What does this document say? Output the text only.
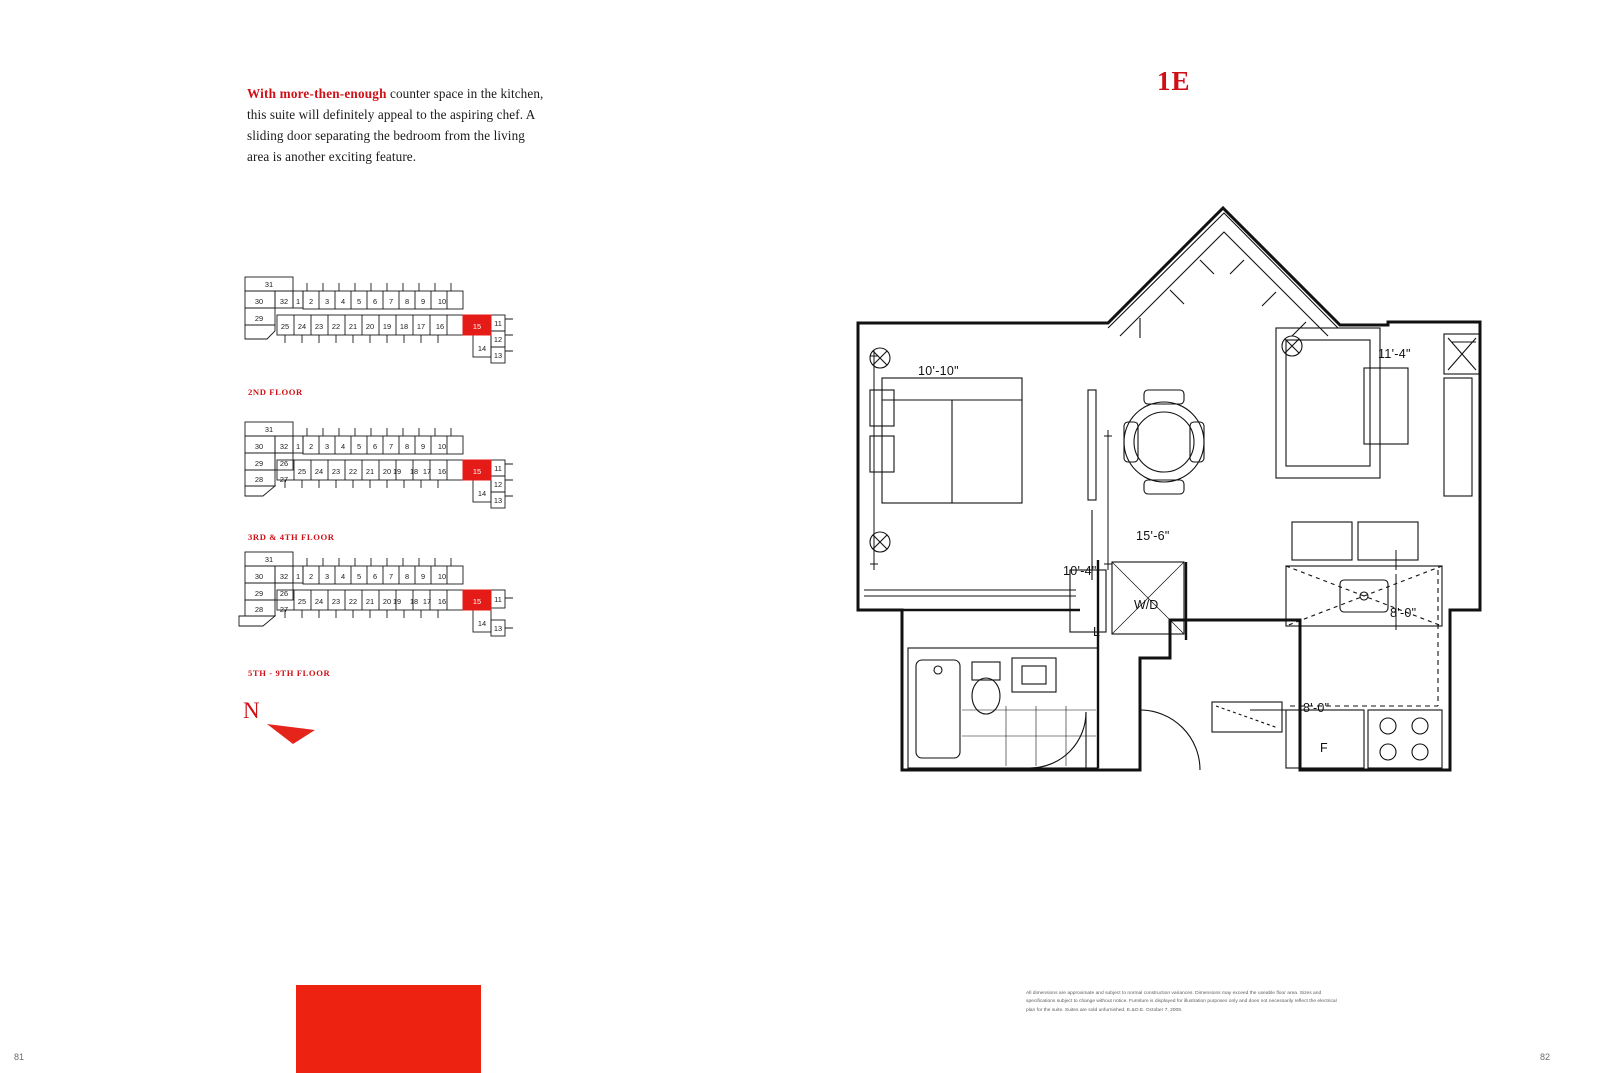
With more-then-enough counter space in the kitchen, this suite will definitely appeal to the aspiring chef. A sliding door separating the bedroom from the living area is another exciting feature.
31
30 32
29
1 2 3 4 5 6 7 8 9 10
25 24 23 22 21 20 19 18 17 16	11
12
13
14
15
2ND FLOOR
31
30 32
29
28 27
26
1 2 3 4 5 6 7 8 9 10
25 24 23 22 21 20 19 18 17 16	11
12
13
14
15
3RD & 4TH FLOOR
31
30 32
29
28 27
26
1 2 3 4 5 6 7 8 9 10
25 24 23 22 21 20 19 18 17 16	11
13
14
15
5TH - 9TH FLOOR
N
81	82
1E
10'-10"
11'-4"
15'-6"
10'-4"
8'-0"
8'-0"
W/D
L
F
All dimensions are approximate and subject to normal construction variances. Dimensions may exceed the useable floor area. Sizes and specifications subject to change without notice. Furniture is displayed for illustration purposes only and does not necessarily reflect the electrical plan for the suite. Suites are sold unfurnished. E.&O.E. October 7, 2009.
